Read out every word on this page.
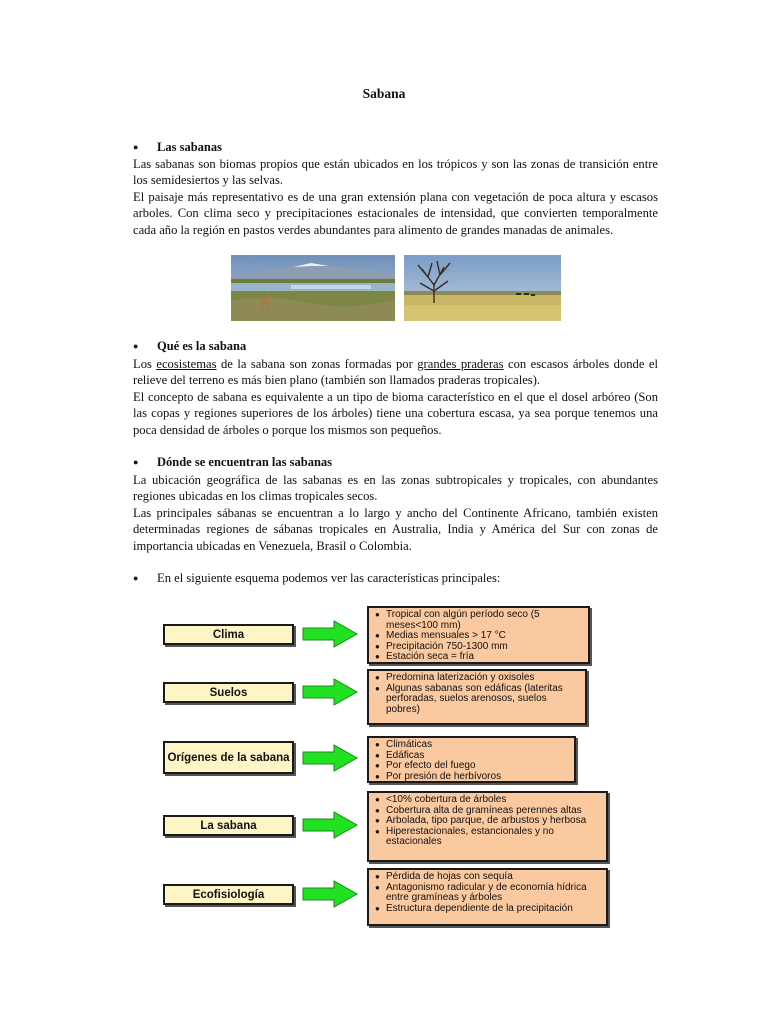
Sabana
● Las sabanas

Las sabanas son biomas propios que están ubicados en los trópicos y son las zonas de transición entre los semidesiertos y las selvas.

El paisaje más representativo es de una gran extensión plana con vegetación de poca altura y escasos arboles. Con clima seco y precipitaciones estacionales de intensidad, que convierten temporalmente cada año la región en pastos verdes abundantes para alimento de grandes manadas de animales.

● Qué es la sabana

Los ecosistemas de la sabana son zonas formadas por grandes praderas con escasos árboles donde el relieve del terreno es más bien plano (también son llamados praderas tropicales).

El concepto de sabana es equivalente a un tipo de bioma característico en el que el dosel arbóreo (Son las copas y regiones superiores de los árboles) tiene una cobertura escasa, ya sea porque tenemos una poca densidad de árboles o porque los mismos son pequeños.

● Dónde se encuentran las sabanas

La ubicación geográfica de las sabanas es en las zonas subtropicales y tropicales, con abundantes regiones ubicadas en los climas tropicales secos.

Las principales sábanas se encuentran a lo largo y ancho del Continente Africano, también existen determinadas regiones de sábanas tropicales en Australia, India y América del Sur con zonas de importancia ubicadas en Venezuela, Brasil o Colombia.

● En el siguiente esquema podemos ver las características principales:
Clima
● Tropical con algún período seco (5 meses<100 mm)
● Medias mensuales > 17 °C
● Precipitación 750-1300 mm
● Estación seca = fría
Suelos
● Predomina laterización y oxisoles
● Algunas sabanas son edáficas (lateritas perforadas, suelos arenosos, suelos pobres)
Orígenes de la sabana
● Climáticas
● Edáficas
● Por efecto del fuego
● Por presión de herbívoros
La sabana
● <10% cobertura de árboles
● Cobertura alta de gramíneas perennes altas
● Arbolada, tipo parque, de arbustos y herbosa
● Hiperestacionales, estancionales y no estacionales
Ecofisiología
● Pérdida de hojas con sequía
● Antagonismo radicular y de economía hídrica entre gramíneas y árboles
● Estructura dependiente de la precipitación
